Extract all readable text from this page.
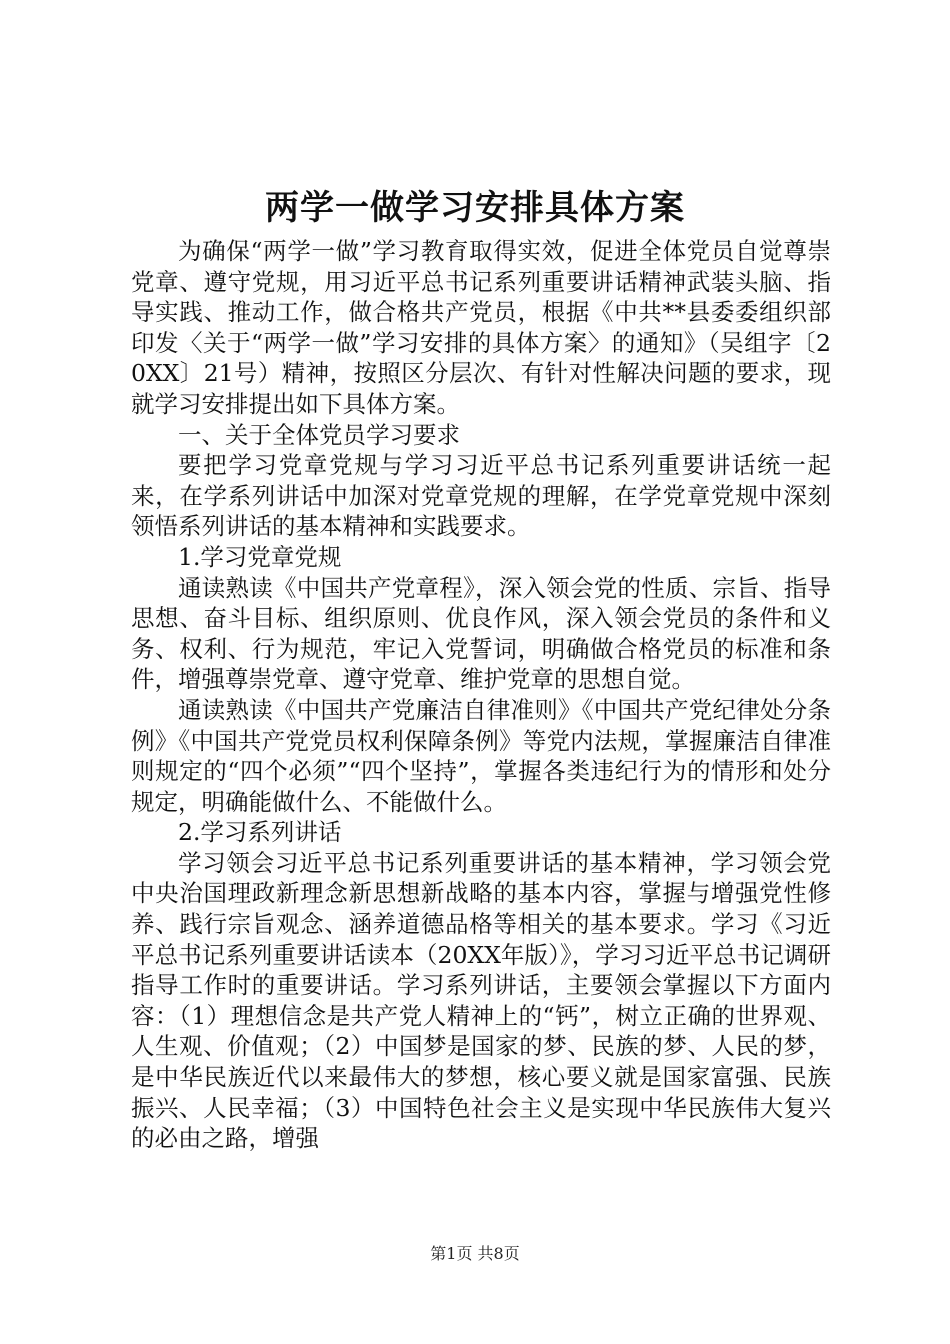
两学一做学习安排具体方案

为确保“两学一做”学习教育取得实效，促进全体党员自觉尊崇党章、遵守党规，用习近平总书记系列重要讲话精神武装头脑、指导实践、推动工作，做合格共产党员，根据《中共**县委委组织部印发〈关于“两学一做”学习安排的具体方案〉的通知》（吴组字〔20XX〕21号）精神，按照区分层次、有针对性解决问题的要求，现就学习安排提出如下具体方案。

一、关于全体党员学习要求

要把学习党章党规与学习习近平总书记系列重要讲话统一起来，在学系列讲话中加深对党章党规的理解，在学党章党规中深刻领悟系列讲话的基本精神和实践要求。

1.学习党章党规

通读熟读《中国共产党章程》，深入领会党的性质、宗旨、指导思想、奋斗目标、组织原则、优良作风，深入领会党员的条件和义务、权利、行为规范，牢记入党誓词，明确做合格党员的标准和条件，增强尊崇党章、遵守党章、维护党章的思想自觉。

通读熟读《中国共产党廉洁自律准则》《中国共产党纪律处分条例》《中国共产党党员权利保障条例》等党内法规，掌握廉洁自律准则规定的“四个必须”“四个坚持”，掌握各类违纪行为的情形和处分规定，明确能做什么、不能做什么。

2.学习系列讲话

学习领会习近平总书记系列重要讲话的基本精神，学习领会党中央治国理政新理念新思想新战略的基本内容，掌握与增强党性修养、践行宗旨观念、涵养道德品格等相关的基本要求。学习《习近平总书记系列重要讲话读本（20XX年版）》，学习习近平总书记调研指导工作时的重要讲话。学习系列讲话，主要领会掌握以下方面内容：（1）理想信念是共产党人精神上的“钙”，树立正确的世界观、人生观、价值观；（2）中国梦是国家的梦、民族的梦、人民的梦，是中华民族近代以来最伟大的梦想，核心要义就是国家富强、民族振兴、人民幸福；（3）中国特色社会主义是实现中华民族伟大复兴的必由之路，增强

第1页 共8页
